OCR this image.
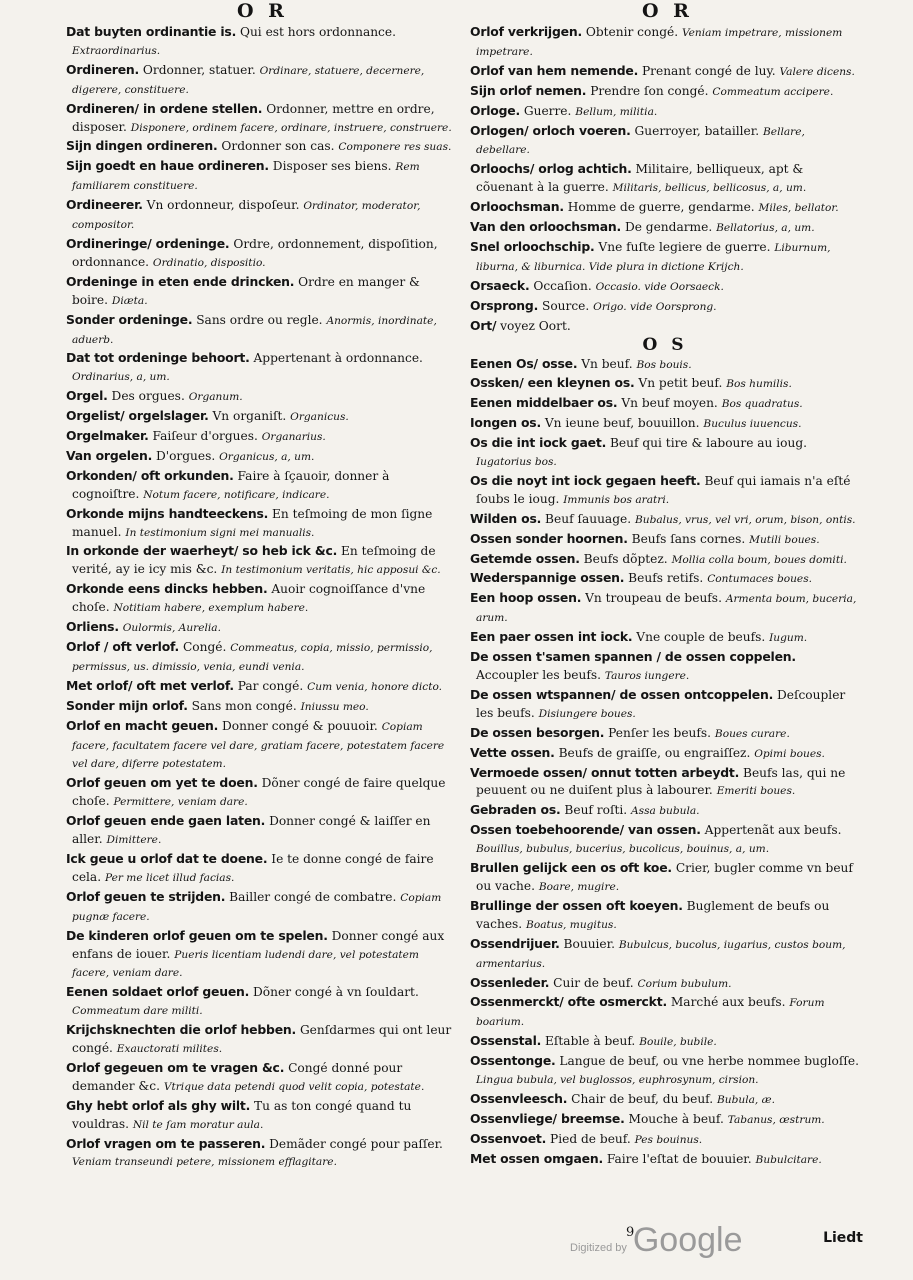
O R	O R
Dat buyten ordinantie is. Qui est hors ordonnance. Extraordinarius.
Ordineren. Ordonner, statuer. Ordinare, statuere, decernere, digerere, constituere.
Ordineren/ in ordene stellen. Ordonner, mettre en ordre, disposer. Disponere, ordinem facere, ordinare, instruere, construere.
Sijn dingen ordineren. Ordonner son cas. Componere res suas.
Sijn goedt en haue ordineren. Disposer ses biens. Rem familiarem constituere.
Ordineerer. Vn ordonneur, dispoſeur. Ordinator, moderator, compositor.
Ordineringe/ ordeninge. Ordre, ordonnement, dispoſition, ordonnance. Ordinatio, dispositio.
Ordeninge in eten ende drincken. Ordre en manger & boire. Diæta.
Sonder ordeninge. Sans ordre ou regle. Anormis, inordinate, aduerb.
Dat tot ordeninge behoort. Appertenant à ordonnance. Ordinarius, a, um.
Orgel. Des orgues. Organum.
Orgelist/ orgelslager. Vn organiſt. Organicus.
Orgelmaker. Faiſeur d'orgues. Organarius.
Van orgelen. D'orgues. Organicus, a, um.
Orkonden/ oft orkunden. Faire à ſçauoir, donner à cognoiſtre. Notum facere, notificare, indicare.
Orkonde mijns handteeckens. En teſmoing de mon ſigne manuel. In testimonium signi mei manualis.
In orkonde der waerheyt/ so heb ick &c. En teſmoing de verité, ay ie icy mis &c. In testimonium veritatis, hic apposui &c.
Orkonde eens dincks hebben. Auoir cognoiſſance d'vne choſe. Notitiam habere, exemplum habere.
Orliens. Oulormis, Aurelia.
Orlof / oft verlof. Congé. Commeatus, copia, missio, permissio, permissus, us. dimissio, venia, eundi venia.
Met orlof/ oft met verlof. Par congé. Cum venia, honore dicto.
Sonder mijn orlof. Sans mon congé. Iniussu meo.
Orlof en macht geuen. Donner congé & pouuoir. Copiam facere, facultatem facere vel dare, gratiam facere, potestatem facere vel dare, diferre potestatem.
Orlof geuen om yet te doen. Dõner congé de faire quelque choſe. Permittere, veniam dare.
Orlof geuen ende gaen laten. Donner congé & laiſſer en aller. Dimittere.
Ick geue u orlof dat te doene. Ie te donne congé de faire cela. Per me licet illud facias.
Orlof geuen te strijden. Bailler congé de combatre. Copiam pugnæ facere.
De kinderen orlof geuen om te spelen. Donner congé aux enfans de iouer. Pueris licentiam ludendi dare, vel potestatem facere, veniam dare.
Eenen soldaet orlof geuen. Dõner congé à vn ſouldart. Commeatum dare militi.
Krijchsknechten die orlof hebben. Genſdarmes qui ont leur congé. Exauctorati milites.
Orlof gegeuen om te vragen &c. Congé donné pour demander &c. Vtrique data petendi quod velit copia, potestate.
Ghy hebt orlof als ghy wilt. Tu as ton congé quand tu vouldras. Nil te ſam moratur aula.
Orlof vragen om te passeren. Demãder congé pour paſſer. Veniam transeundi petere, missionem efflagitare.
Orlof verkrijgen. Obtenir congé. Veniam impetrare, missionem impetrare.
Orlof van hem nemende. Prenant congé de luy. Valere dicens.
Sijn orlof nemen. Prendre ſon congé. Commeatum accipere.
Orloge. Guerre. Bellum, militia.
Orlogen/ orloch voeren. Guerroyer, batailler. Bellare, debellare.
Orloochs/ orlog achtich. Militaire, belliqueux, apt & cõuenant à la guerre. Militaris, bellicus, bellicosus, a, um.
Orloochsman. Homme de guerre, gendarme. Miles, bellator.
Van den orloochsman. De gendarme. Bellatorius, a, um.
Snel orloochschip. Vne fuſte legiere de guerre. Liburnum, liburna, & liburnica. Vide plura in dictione Krijch.
Orsaeck. Occaſion. Occasio. vide Oorsaeck.
Orsprong. Source. Origo. vide Oorsprong.
Ort/ voyez Oort.
O S
Eenen Os/ osse. Vn beuf. Bos bouis.
Ossken/ een kleynen os. Vn petit beuf. Bos humilis.
Eenen middelbaer os. Vn beuf moyen. Bos quadratus.
Iongen os. Vn ieune beuf, bouuillon. Buculus iuuencus.
Os die int iock gaet. Beuf qui tire & laboure au ioug. Iugatorius bos.
Os die noyt int iock gegaen heeft. Beuf qui iamais n'a eſté ſoubs le ioug. Immunis bos aratri.
Wilden os. Beuf ſauuage. Bubalus, vrus, vel vri, orum, bison, ontis.
Ossen sonder hoornen. Beufs ſans cornes. Mutili boues.
Getemde ossen. Beufs dõptez. Mollia colla boum, boues domiti.
Wederspannige ossen. Beufs retifs. Contumaces boues.
Een hoop ossen. Vn troupeau de beufs. Armenta boum, buceria, arum.
Een paer ossen int iock. Vne couple de beufs. Iugum.
De ossen t'samen spannen / de ossen coppelen. Accoupler les beufs. Tauros iungere.
De ossen wtspannen/ de ossen ontcoppelen. Deſcoupler les beufs. Disiungere boues.
De ossen besorgen. Penſer les beufs. Boues curare.
Vette ossen. Beufs de graiſſe, ou engraiſſez. Opimi boues.
Vermoede ossen/ onnut totten arbeydt. Beufs las, qui ne peuuent ou ne duiſent plus à labourer. Emeriti boues.
Gebraden os. Beuf roſti. Assa bubula.
Ossen toebehoorende/ van ossen. Appertenãt aux beufs. Bouillus, bubulus, bucerius, bucolicus, bouinus, a, um.
Brullen gelijck een os oft koe. Crier, bugler comme vn beuf ou vache. Boare, mugire.
Brullinge der ossen oft koeyen. Buglement de beufs ou vaches. Boatus, mugitus.
Ossendrijuer. Bouuier. Bubulcus, bucolus, iugarius, custos boum, armentarius.
Ossenleder. Cuir de beuf. Corium bubulum.
Ossenmerckt/ ofte osmerckt. Marché aux beufs. Forum boarium.
Ossenstal. Eſtable à beuf. Bouile, bubile.
Ossentonge. Langue de beuf, ou vne herbe nommee bugloſſe. Lingua bubula, vel buglossos, euphrosynum, cirsion.
Ossenvleesch. Chair de beuf, du beuf. Bubula, æ.
Ossenvliege/ breemse. Mouche à beuf. Tabanus, œstrum.
Ossenvoet. Pied de beuf. Pes bouinus.
Met ossen omgaen. Faire l'eſtat de bouuier. Bubulcitare.
9	Liedt
Digitized by Google
